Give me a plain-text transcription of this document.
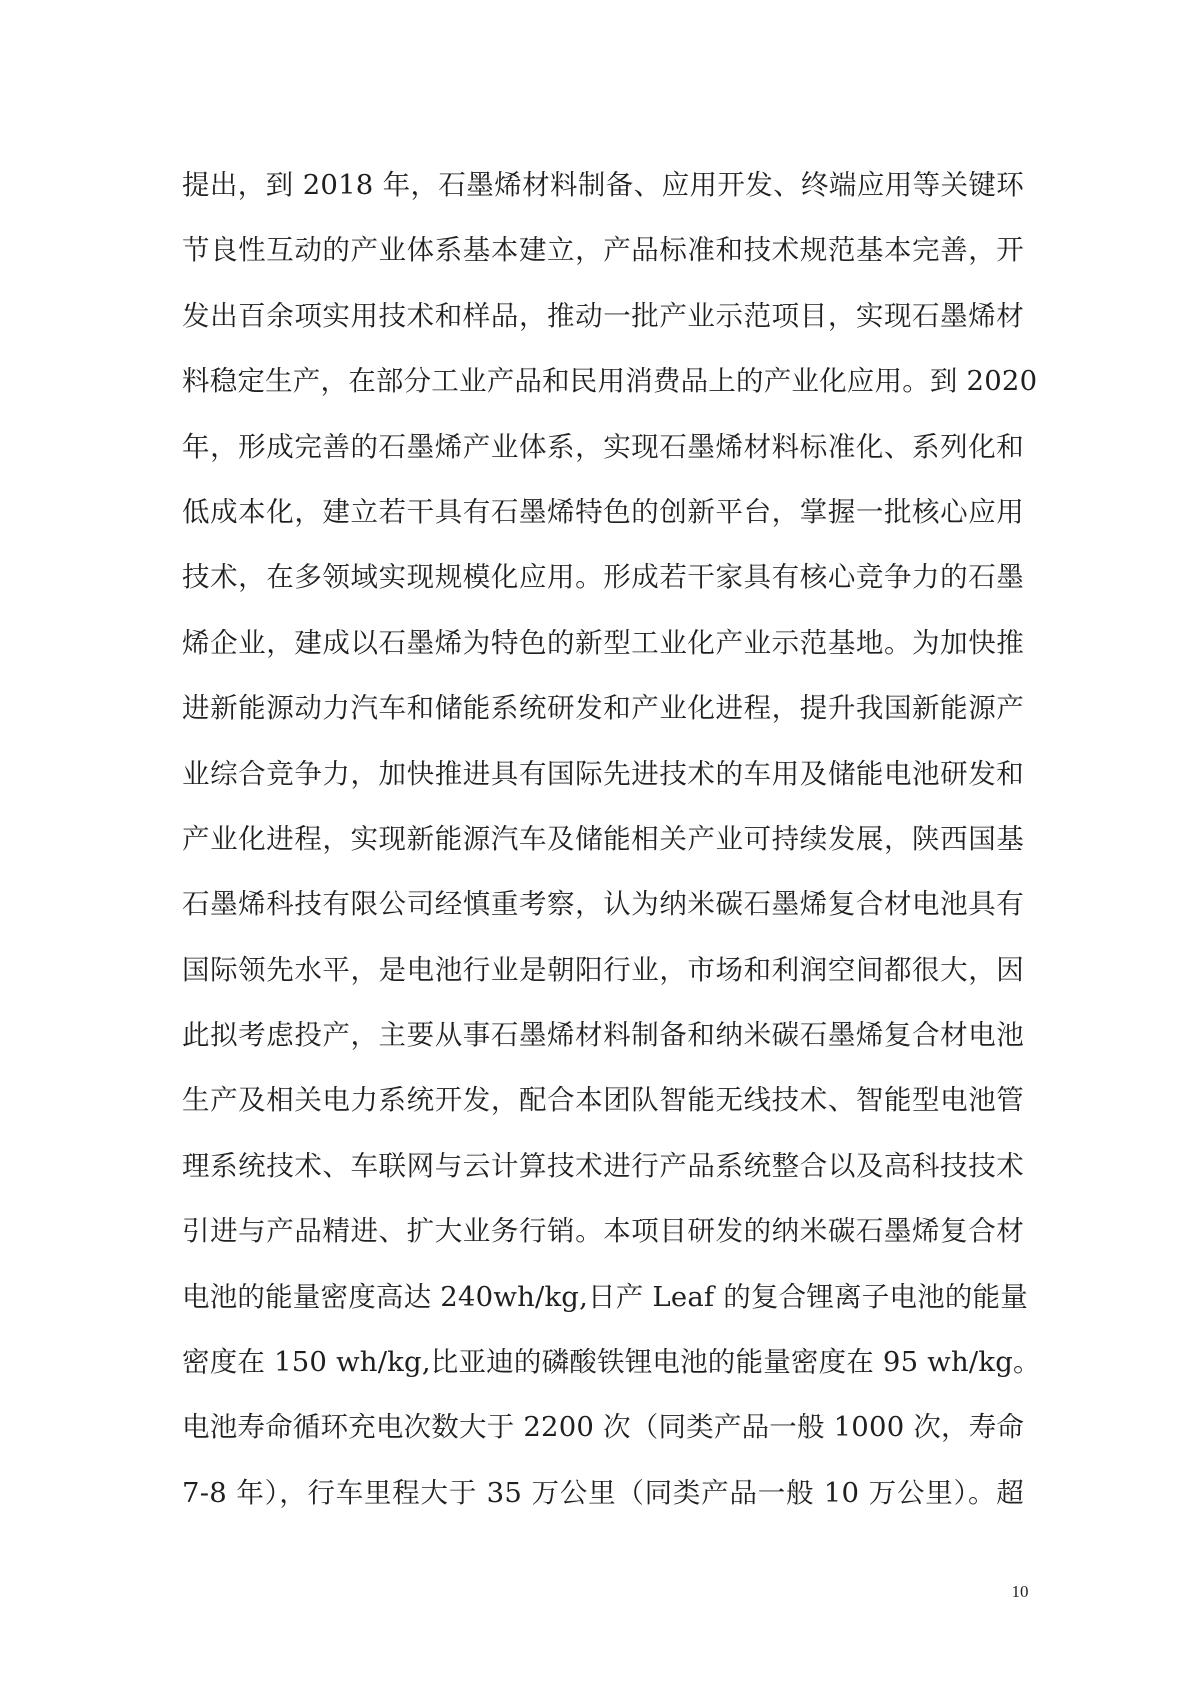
提出，到 2018 年，石墨烯材料制备、应用开发、终端应用等关键环
节良性互动的产业体系基本建立，产品标准和技术规范基本完善，开
发出百余项实用技术和样品，推动一批产业示范项目，实现石墨烯材
料稳定生产，在部分工业产品和民用消费品上的产业化应用。到 2020
年，形成完善的石墨烯产业体系，实现石墨烯材料标准化、系列化和
低成本化，建立若干具有石墨烯特色的创新平台，掌握一批核心应用
技术，在多领域实现规模化应用。形成若干家具有核心竞争力的石墨
烯企业，建成以石墨烯为特色的新型工业化产业示范基地。为加快推
进新能源动力汽车和储能系统研发和产业化进程，提升我国新能源产
业综合竞争力，加快推进具有国际先进技术的车用及储能电池研发和
产业化进程，实现新能源汽车及储能相关产业可持续发展，陕西国基
石墨烯科技有限公司经慎重考察，认为纳米碳石墨烯复合材电池具有
国际领先水平，是电池行业是朝阳行业，市场和利润空间都很大，因
此拟考虑投产，主要从事石墨烯材料制备和纳米碳石墨烯复合材电池
生产及相关电力系统开发，配合本团队智能无线技术、智能型电池管
理系统技术、车联网与云计算技术进行产品系统整合以及高科技技术
引进与产品精进、扩大业务行销。本项目研发的纳米碳石墨烯复合材
电池的能量密度高达 240wh/kg,日产 Leaf 的复合锂离子电池的能量
密度在 150 wh/kg,比亚迪的磷酸铁锂电池的能量密度在 95 wh/kg。
电池寿命循环充电次数大于 2200 次（同类产品一般 1000 次，寿命
7-8 年），行车里程大于 35 万公里（同类产品一般 10 万公里）。超
10
